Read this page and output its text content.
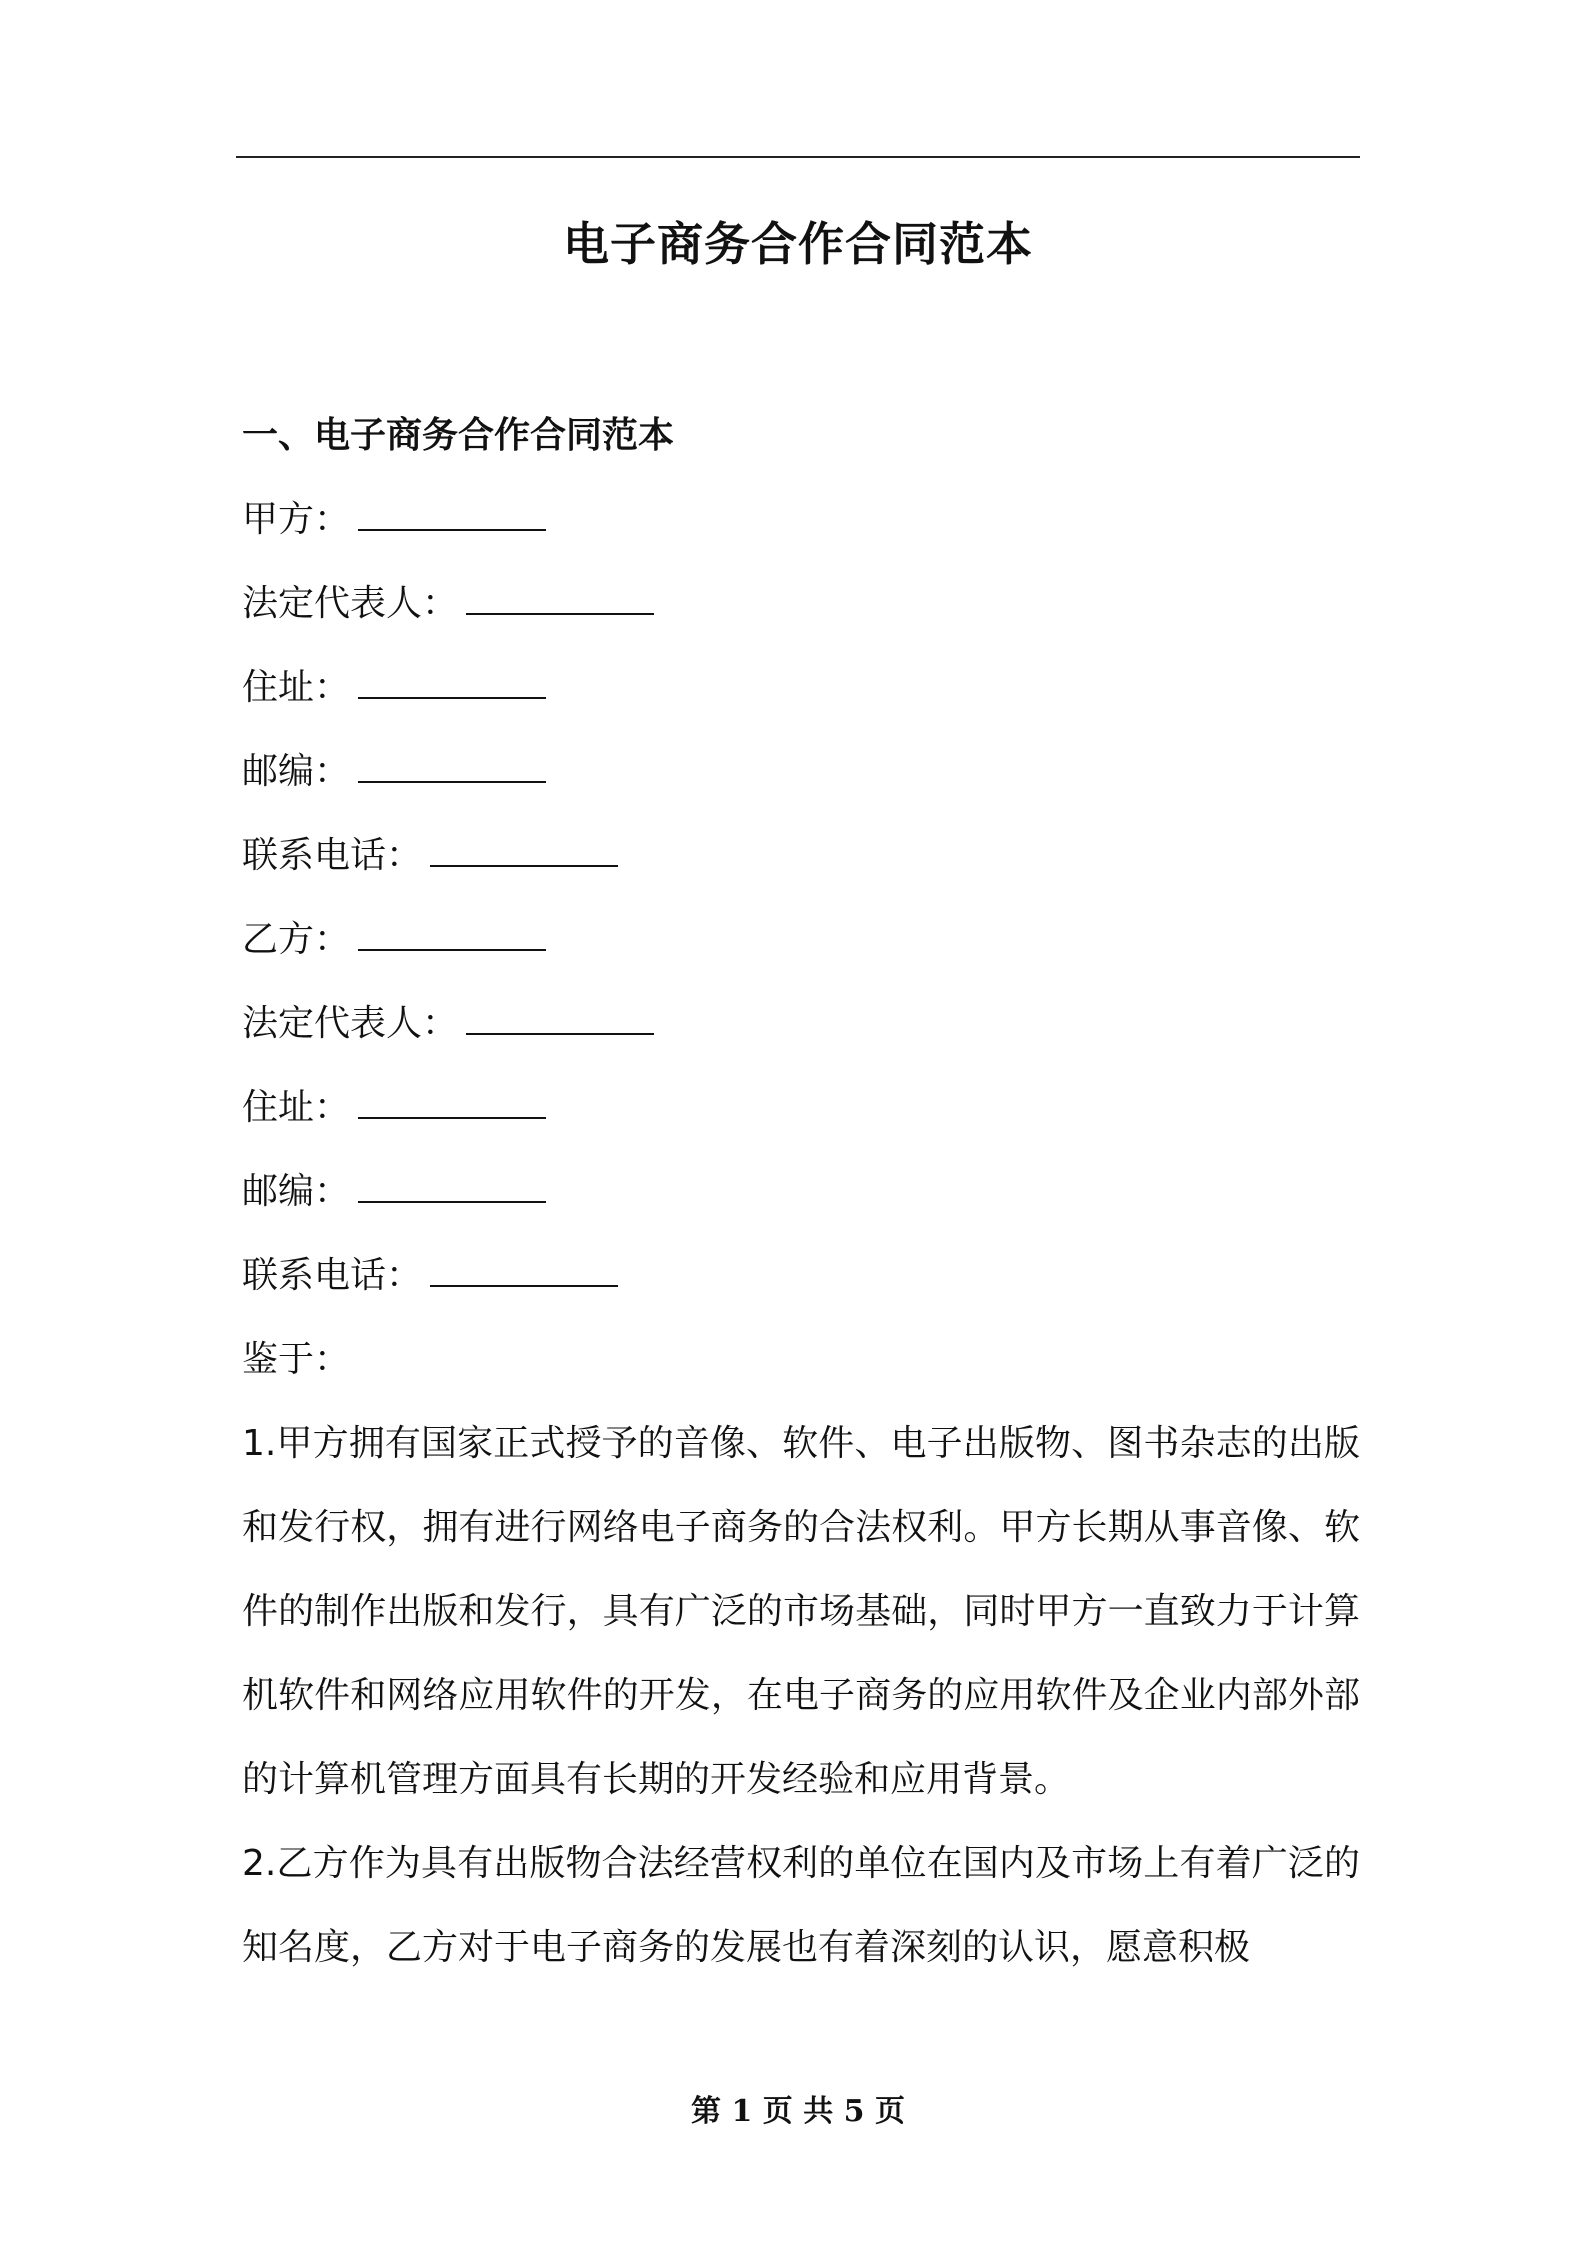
电子商务合作合同范本
一、电子商务合作合同范本
甲方：
法定代表人：
住址：
邮编：
联系电话：
乙方：
法定代表人：
住址：
邮编：
联系电话：
鉴于：
1.甲方拥有国家正式授予的音像、软件、电子出版物、图书杂志的出版和发行权，拥有进行网络电子商务的合法权利。甲方长期从事音像、软件的制作出版和发行，具有广泛的市场基础，同时甲方一直致力于计算机软件和网络应用软件的开发，在电子商务的应用软件及企业内部外部的计算机管理方面具有长期的开发经验和应用背景。
2.乙方作为具有出版物合法经营权利的单位在国内及市场上有着广泛的知名度，乙方对于电子商务的发展也有着深刻的认识，愿意积极
第 1 页 共 5 页
